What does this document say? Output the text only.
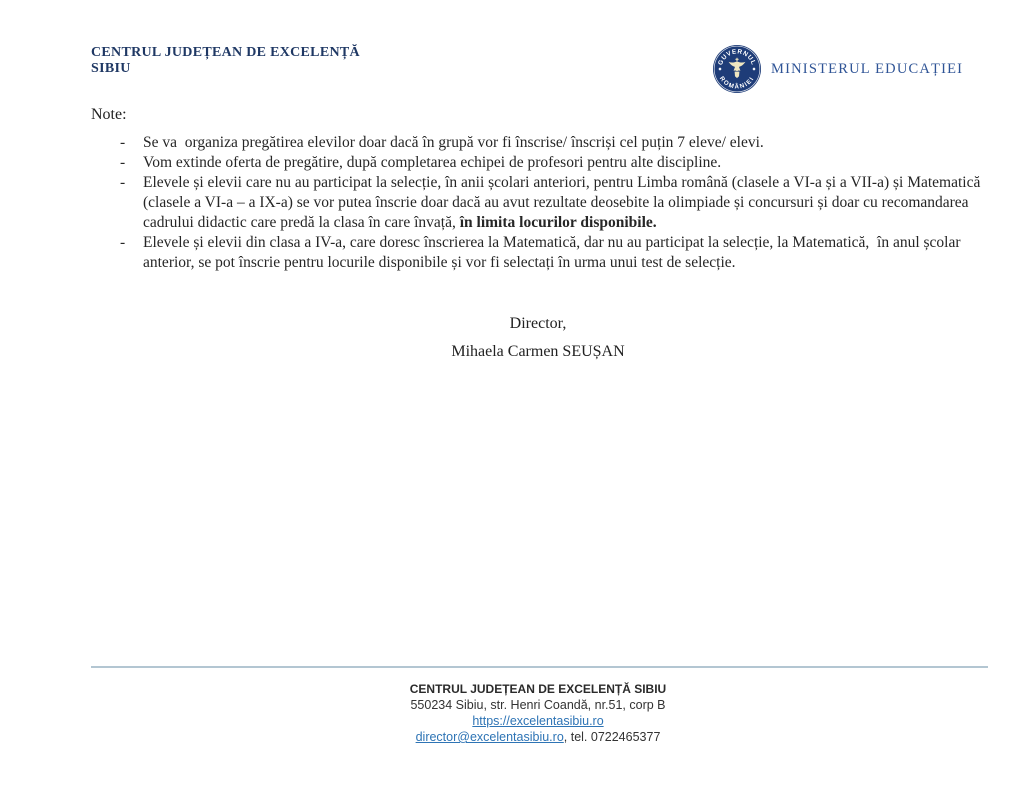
CENTRUL JUDEȚEAN DE EXCELENȚĂ SIBIU	GUVERNUL
ROMÂNIEI
MINISTERUL EDUCAȚIEI
Note:
-	Se va  organiza pregătirea elevilor doar dacă în grupă vor fi înscrise/ înscriși cel puțin 7 eleve/ elevi.
-	Vom extinde oferta de pregătire, după completarea echipei de profesori pentru alte discipline.
-	Elevele și elevii care nu au participat la selecție, în anii școlari anteriori, pentru Limba română (clasele a VI-a și a VII-a) și Matematică (clasele a VI-a – a IX-a) se vor putea înscrie doar dacă au avut rezultate deosebite la olimpiade și concursuri și doar cu recomandarea cadrului didactic care predă la clasa în care învață, în limita locurilor disponibile.
-	Elevele și elevii din clasa a IV-a, care doresc înscrierea la Matematică, dar nu au participat la selecție, la Matematică,  în anul școlar anterior, se pot înscrie pentru locurile disponibile și vor fi selectați în urma unui test de selecție.
Director,
Mihaela Carmen SEUȘAN
CENTRUL JUDEȚEAN DE EXCELENȚĂ SIBIU
550234 Sibiu, str. Henri Coandă, nr.51, corp B
https://excelentasibiu.ro
director@excelentasibiu.ro, tel. 0722465377
